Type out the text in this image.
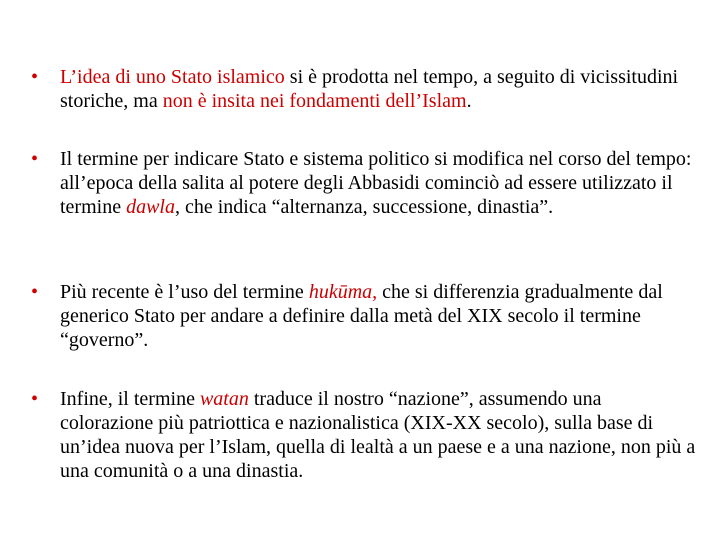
• L’idea di uno Stato islamico si è prodotta nel tempo, a seguito di vicissitudini storiche, ma non è insita nei fondamenti dell’Islam.
• Il termine per indicare Stato e sistema politico si modifica nel corso del tempo: all’epoca della salita al potere degli Abbasidi cominciò ad essere utilizzato il termine dawla, che indica “alternanza, successione, dinastia”.
• Più recente è l’uso del termine hukūma, che si differenzia gradualmente dal generico Stato per andare a definire dalla metà del XIX secolo il termine “governo”.
• Infine, il termine watan traduce il nostro “nazione”, assumendo una colorazione più patriottica e nazionalistica (XIX-XX secolo), sulla base di un’idea nuova per l’Islam, quella di lealtà a un paese e a una nazione, non più a una comunità o a una dinastia.
